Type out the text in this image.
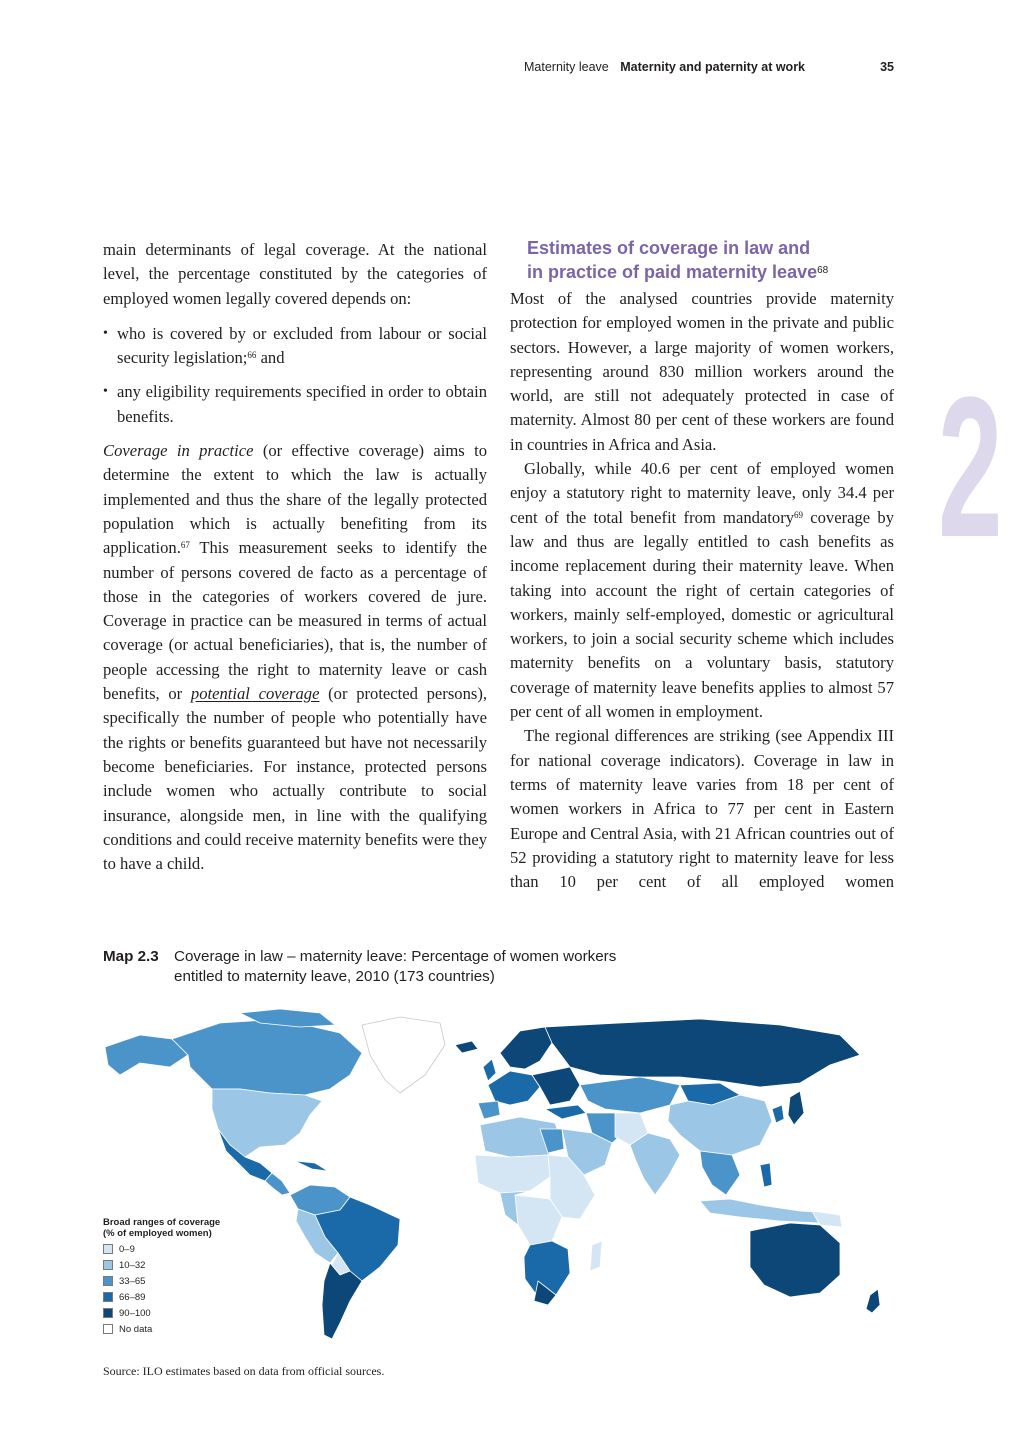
Maternity leave Maternity and paternity at work	35
2

main determinants of legal coverage. At the national level, the percentage constituted by the categories of employed women legally covered depends on:

• who is covered by or excluded from labour or social security legislation;$^{66}$ and
• any eligibility requirements specified in order to obtain benefits.

Coverage in practice (or effective coverage) aims to determine the extent to which the law is actually implemented and thus the share of the legally protected population which is actually benefiting from its application.$^{67}$ This measurement seeks to identify the number of persons covered de facto as a percentage of those in the categories of workers covered de jure. Coverage in practice can be measured in terms of actual coverage (or actual beneficiaries), that is, the number of people accessing the right to maternity leave or cash benefits, or potential coverage (or protected persons), specifically the number of people who potentially have the rights or benefits guaranteed but have not necessarily become beneficiaries. For instance, protected persons include women who actually contribute to social insurance, alongside men, in line with the qualifying conditions and could receive maternity benefits were they to have a child.

Estimates of coverage in law and
in practice of paid maternity leave$^{68}$

Most of the analysed countries provide maternity protection for employed women in the private and public sectors. However, a large majority of women workers, representing around 830 million workers around the world, are still not adequately protected in case of maternity. Almost 80 per cent of these workers are found in countries in Africa and Asia.

Globally, while 40.6 per cent of employed women enjoy a statutory right to maternity leave, only 34.4 per cent of the total benefit from mandatory$^{69}$ coverage by law and thus are legally entitled to cash benefits as income replacement during their maternity leave. When taking into account the right of certain categories of workers, mainly self-employed, domestic or agricultural workers, to join a social security scheme which includes maternity benefits on a voluntary basis, statutory coverage of maternity leave benefits applies to almost 57 per cent of all women in employment.

The regional differences are striking (see Appendix III for national coverage indicators). Coverage in law in terms of maternity leave varies from 18 per cent of women workers in Africa to 77 per cent in Eastern Europe and Central Asia, with 21 African countries out of 52 providing a statutory right to maternity leave for less than 10 per cent of all employed women

Map 2.3 Coverage in law – maternity leave: Percentage of women workers
entitled to maternity leave, 2010 (173 countries)
Broad ranges of coverage
(% of employed women)
0–9
10–32
33–65
66–89
90–100
No data
Source: ILO estimates based on data from official sources.
